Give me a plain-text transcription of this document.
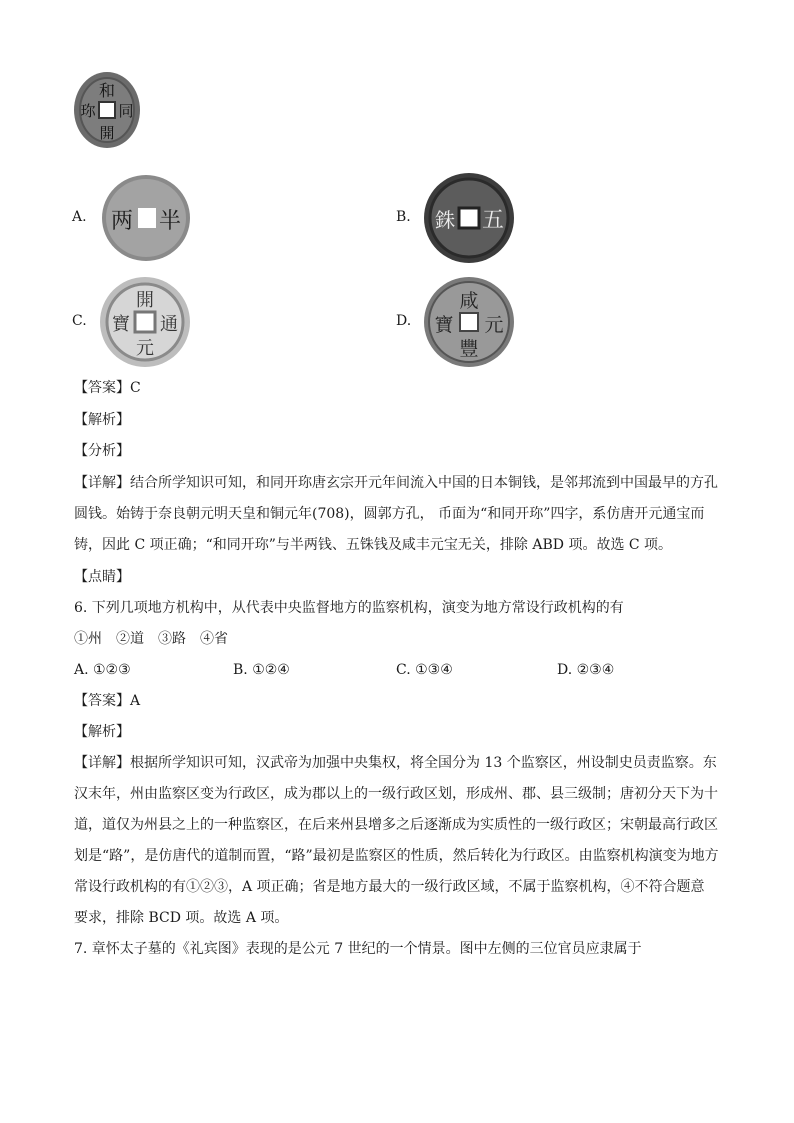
和
同
開
珎
A.	半
两	B.	五
銖
C.
開
元
通
寶	D.
咸
豐
元
寶
【答案】C
【解析】
【分析】
【详解】结合所学知识可知，和同开珎唐玄宗开元年间流入中国的日本铜钱，是邻邦流到中国最早的方孔
圆钱。始铸于奈良朝元明天皇和铜元年(708)，圆郭方孔， 币面为“和同开珎”四字，系仿唐开元通宝而
铸，因此 C 项正确；“和同开珎”与半两钱、五铢钱及咸丰元宝无关，排除 ABD 项。故选 C 项。
【点睛】
6. 下列几项地方机构中，从代表中央监督地方的监察机构，演变为地方常设行政机构的有
①州　②道　③路　④省
A. ①②③	B. ①②④	C. ①③④	D. ②③④
【答案】A
【解析】
【详解】根据所学知识可知，汉武帝为加强中央集权，将全国分为 13 个监察区，州设制史员责监察。东
汉末年，州由监察区变为行政区，成为郡以上的一级行政区划，形成州、郡、县三级制；唐初分天下为十
道，道仅为州县之上的一种监察区，在后来州县增多之后逐渐成为实质性的一级行政区；宋朝最高行政区
划是“路”，是仿唐代的道制而置，“路”最初是监察区的性质，然后转化为行政区。由监察机构演变为地方
常设行政机构的有①②③，A 项正确；省是地方最大的一级行政区域，不属于监察机构，④不符合题意
要求，排除 BCD 项。故选 A 项。
7. 章怀太子墓的《礼宾图》表现的是公元 7 世纪的一个情景。图中左侧的三位官员应隶属于
